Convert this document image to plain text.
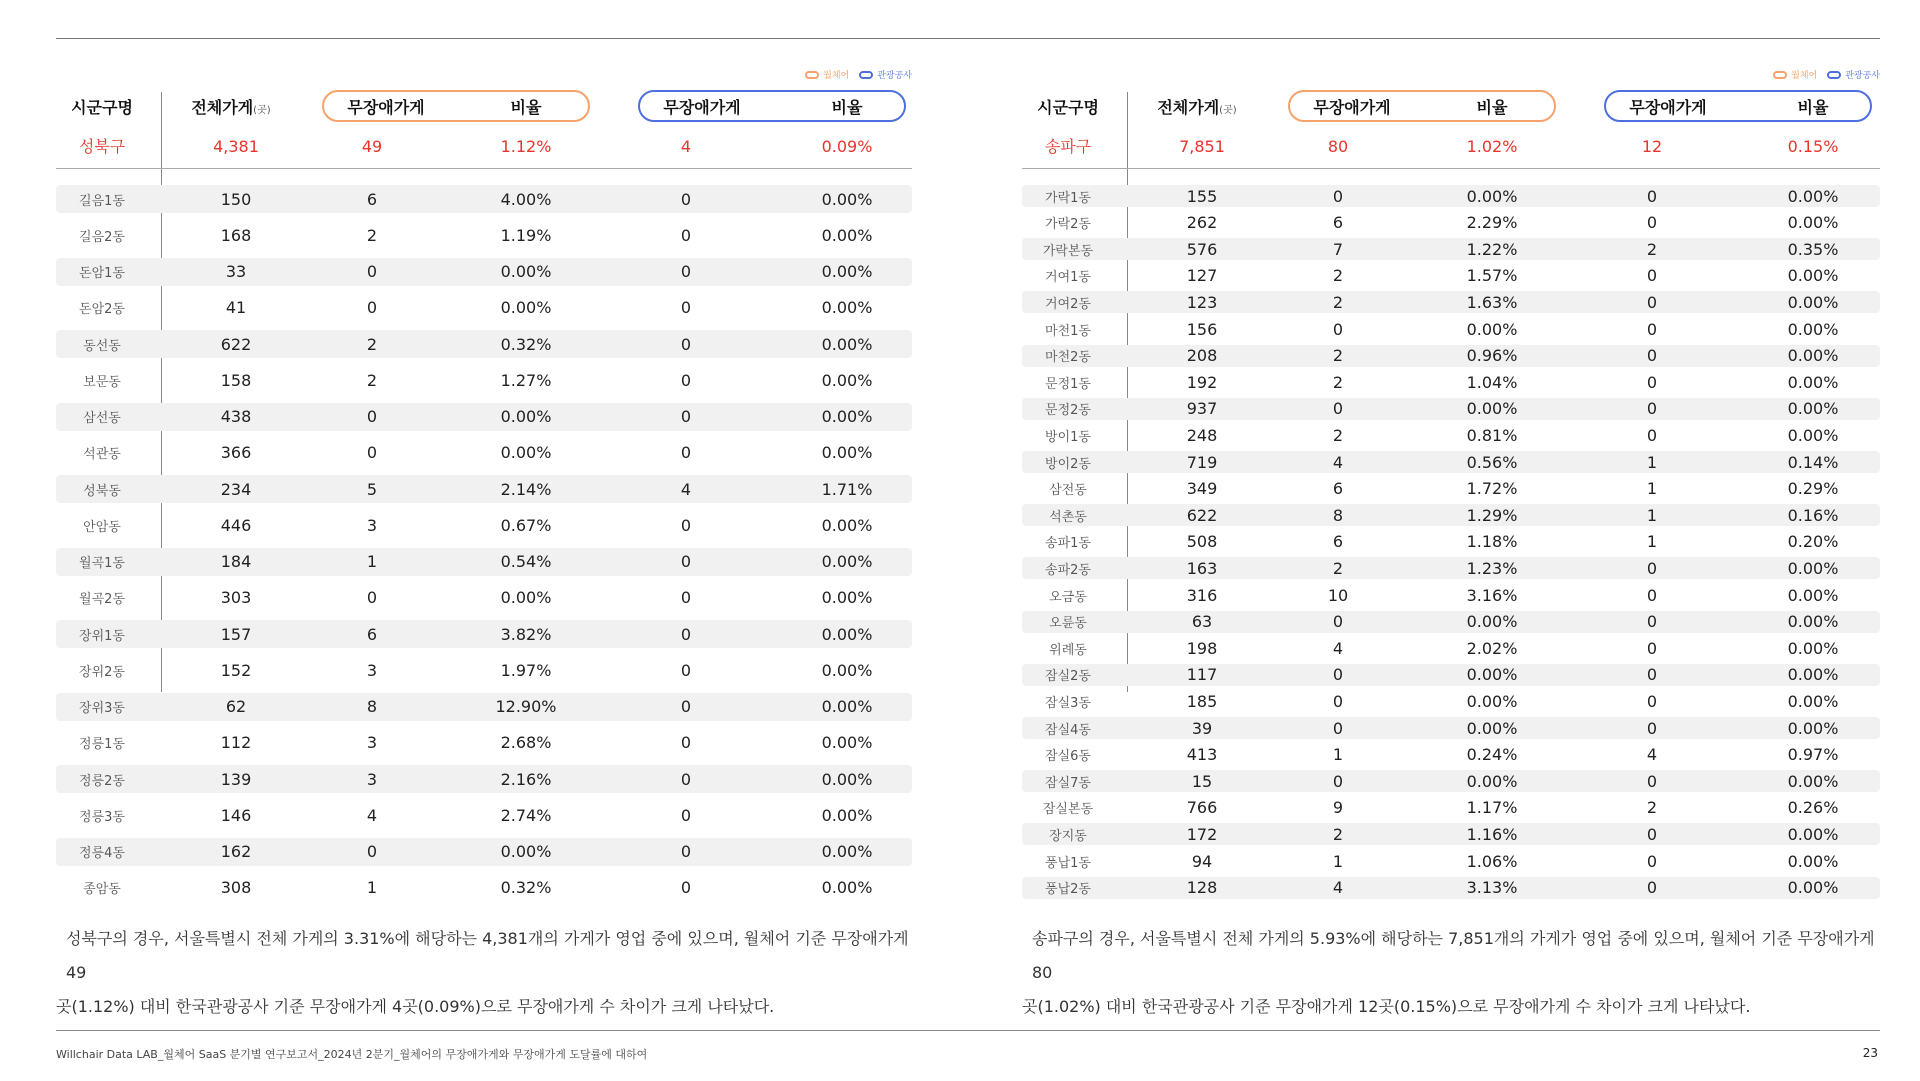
월체어	관광공사
시군구명	전체가게(곳)	무장애가게	비율	무장애가게	비율
성북구	4,381	49	1.12%	4	0.09%
길음1동	150	6	4.00%	0	0.00%
길음2동	168	2	1.19%	0	0.00%
돈암1동	33	0	0.00%	0	0.00%
돈암2동	41	0	0.00%	0	0.00%
동선동	622	2	0.32%	0	0.00%
보문동	158	2	1.27%	0	0.00%
삼선동	438	0	0.00%	0	0.00%
석관동	366	0	0.00%	0	0.00%
성북동	234	5	2.14%	4	1.71%
안암동	446	3	0.67%	0	0.00%
월곡1동	184	1	0.54%	0	0.00%
월곡2동	303	0	0.00%	0	0.00%
장위1동	157	6	3.82%	0	0.00%
장위2동	152	3	1.97%	0	0.00%
장위3동	62	8	12.90%	0	0.00%
정릉1동	112	3	2.68%	0	0.00%
정릉2동	139	3	2.16%	0	0.00%
정릉3동	146	4	2.74%	0	0.00%
정릉4동	162	0	0.00%	0	0.00%
종암동	308	1	0.32%	0	0.00%
월체어	관광공사
시군구명	전체가게(곳)	무장애가게	비율	무장애가게	비율
송파구	7,851	80	1.02%	12	0.15%
가락1동	155	0	0.00%	0	0.00%
가락2동	262	6	2.29%	0	0.00%
가락본동	576	7	1.22%	2	0.35%
거여1동	127	2	1.57%	0	0.00%
거여2동	123	2	1.63%	0	0.00%
마천1동	156	0	0.00%	0	0.00%
마천2동	208	2	0.96%	0	0.00%
문정1동	192	2	1.04%	0	0.00%
문정2동	937	0	0.00%	0	0.00%
방이1동	248	2	0.81%	0	0.00%
방이2동	719	4	0.56%	1	0.14%
삼전동	349	6	1.72%	1	0.29%
석촌동	622	8	1.29%	1	0.16%
송파1동	508	6	1.18%	1	0.20%
송파2동	163	2	1.23%	0	0.00%
오금동	316	10	3.16%	0	0.00%
오륜동	63	0	0.00%	0	0.00%
위례동	198	4	2.02%	0	0.00%
잠실2동	117	0	0.00%	0	0.00%
잠실3동	185	0	0.00%	0	0.00%
잠실4동	39	0	0.00%	0	0.00%
잠실6동	413	1	0.24%	4	0.97%
잠실7동	15	0	0.00%	0	0.00%
잠실본동	766	9	1.17%	2	0.26%
장지동	172	2	1.16%	0	0.00%
풍납1동	94	1	1.06%	0	0.00%
풍납2동	128	4	3.13%	0	0.00%
성북구의 경우, 서울특별시 전체 가게의 3.31%에 해당하는 4,381개의 가게가 영업 중에 있으며, 월체어 기준 무장애가게 49
곳(1.12%) 대비 한국관광공사 기준 무장애가게 4곳(0.09%)으로 무장애가게 수 차이가 크게 나타났다.
송파구의 경우, 서울특별시 전체 가게의 5.93%에 해당하는 7,851개의 가게가 영업 중에 있으며, 월체어 기준 무장애가게 80
곳(1.02%) 대비 한국관광공사 기준 무장애가게 12곳(0.15%)으로 무장애가게 수 차이가 크게 나타났다.
Willchair Data LAB_월체어 SaaS 분기별 연구보고서_2024년 2분기_월체어의 무장애가게와 무장애가게 도달률에 대하여	23
